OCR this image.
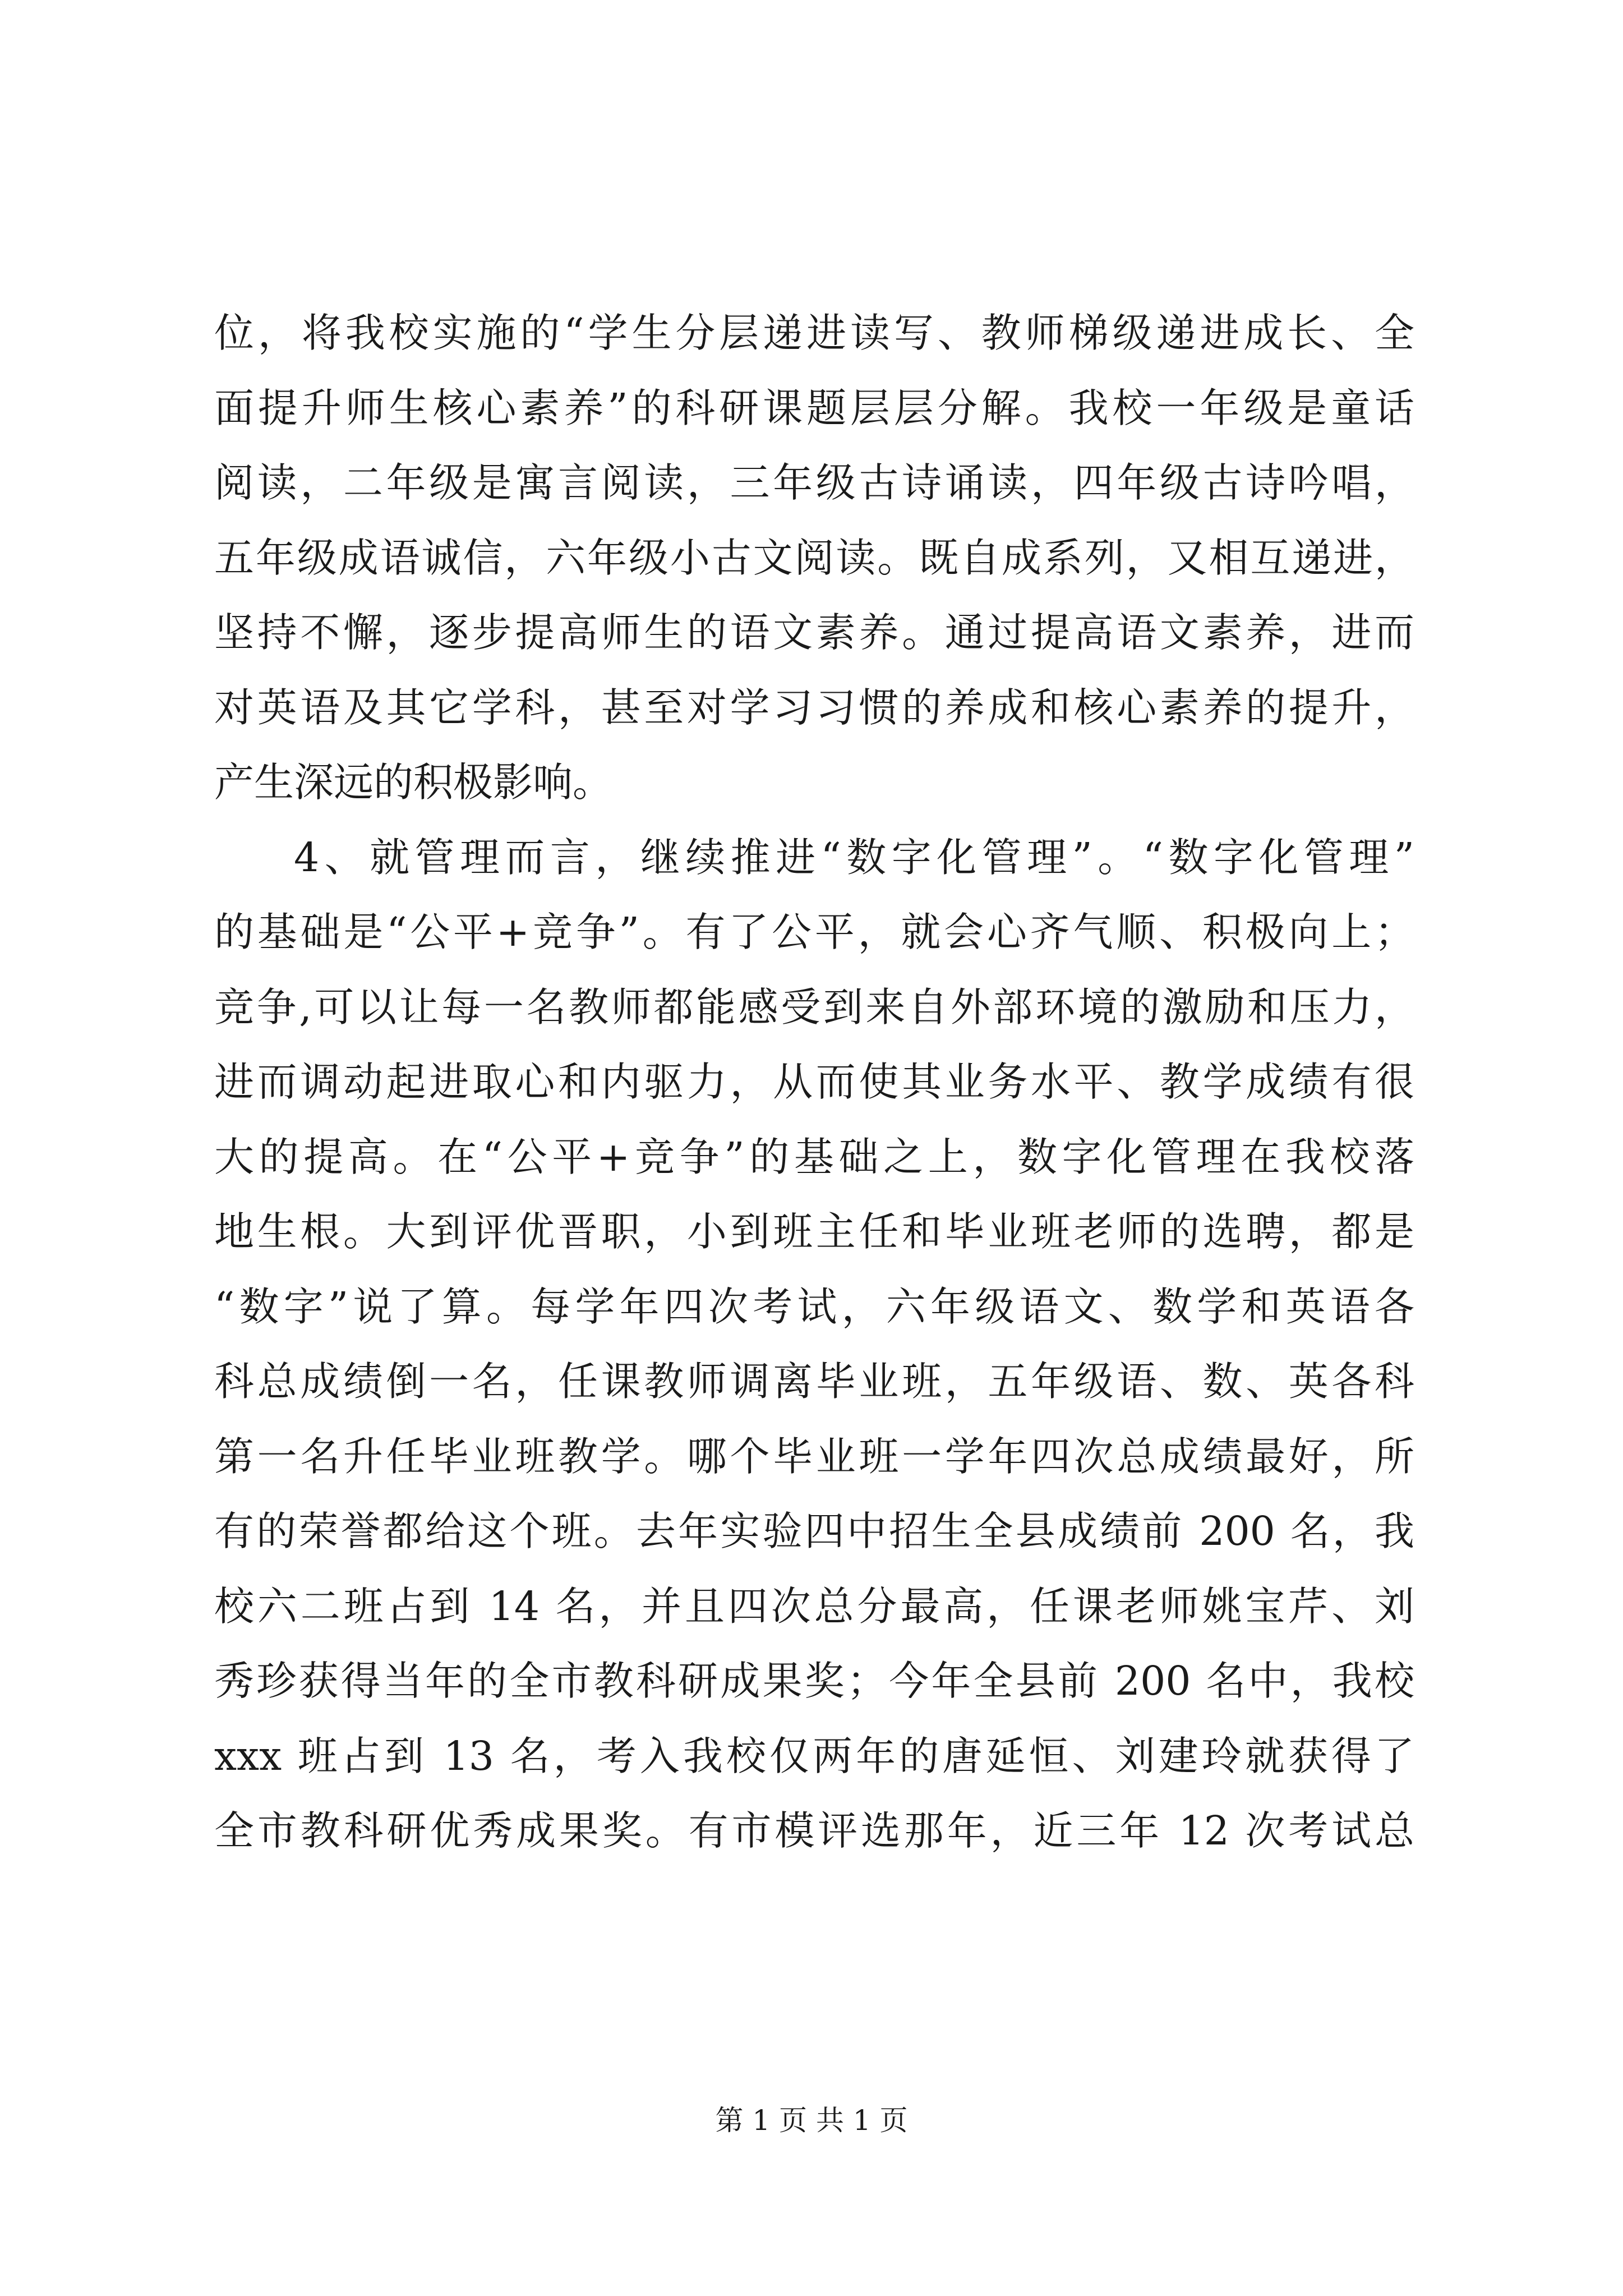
位，将我校实施的“学生分层递进读写、教师梯级递进成长、全
面提升师生核心素养”的科研课题层层分解。我校一年级是童话
阅读，二年级是寓言阅读，三年级古诗诵读，四年级古诗吟唱，
五年级成语诚信，六年级小古文阅读。既自成系列，又相互递进，
坚持不懈，逐步提高师生的语文素养。通过提高语文素养，进而
对英语及其它学科，甚至对学习习惯的养成和核心素养的提升，
产生深远的积极影响。
4、就管理而言，继续推进“数字化管理”。“数字化管理”
的基础是“公平+竞争”。有了公平，就会心齐气顺、积极向上；
竞争,可以让每一名教师都能感受到来自外部环境的激励和压力，
进而调动起进取心和内驱力，从而使其业务水平、教学成绩有很
大的提高。在“公平+竞争”的基础之上，数字化管理在我校落
地生根。大到评优晋职，小到班主任和毕业班老师的选聘，都是
“数字”说了算。每学年四次考试，六年级语文、数学和英语各
科总成绩倒一名，任课教师调离毕业班，五年级语、数、英各科
第一名升任毕业班教学。哪个毕业班一学年四次总成绩最好，所
有的荣誉都给这个班。去年实验四中招生全县成绩前 200 名，我
校六二班占到 14 名，并且四次总分最高，任课老师姚宝芹、刘
秀珍获得当年的全市教科研成果奖；今年全县前 200 名中，我校
xxx 班占到 13 名，考入我校仅两年的唐延恒、刘建玲就获得了
全市教科研优秀成果奖。有市模评选那年，近三年 12 次考试总
第 1 页 共 1 页
